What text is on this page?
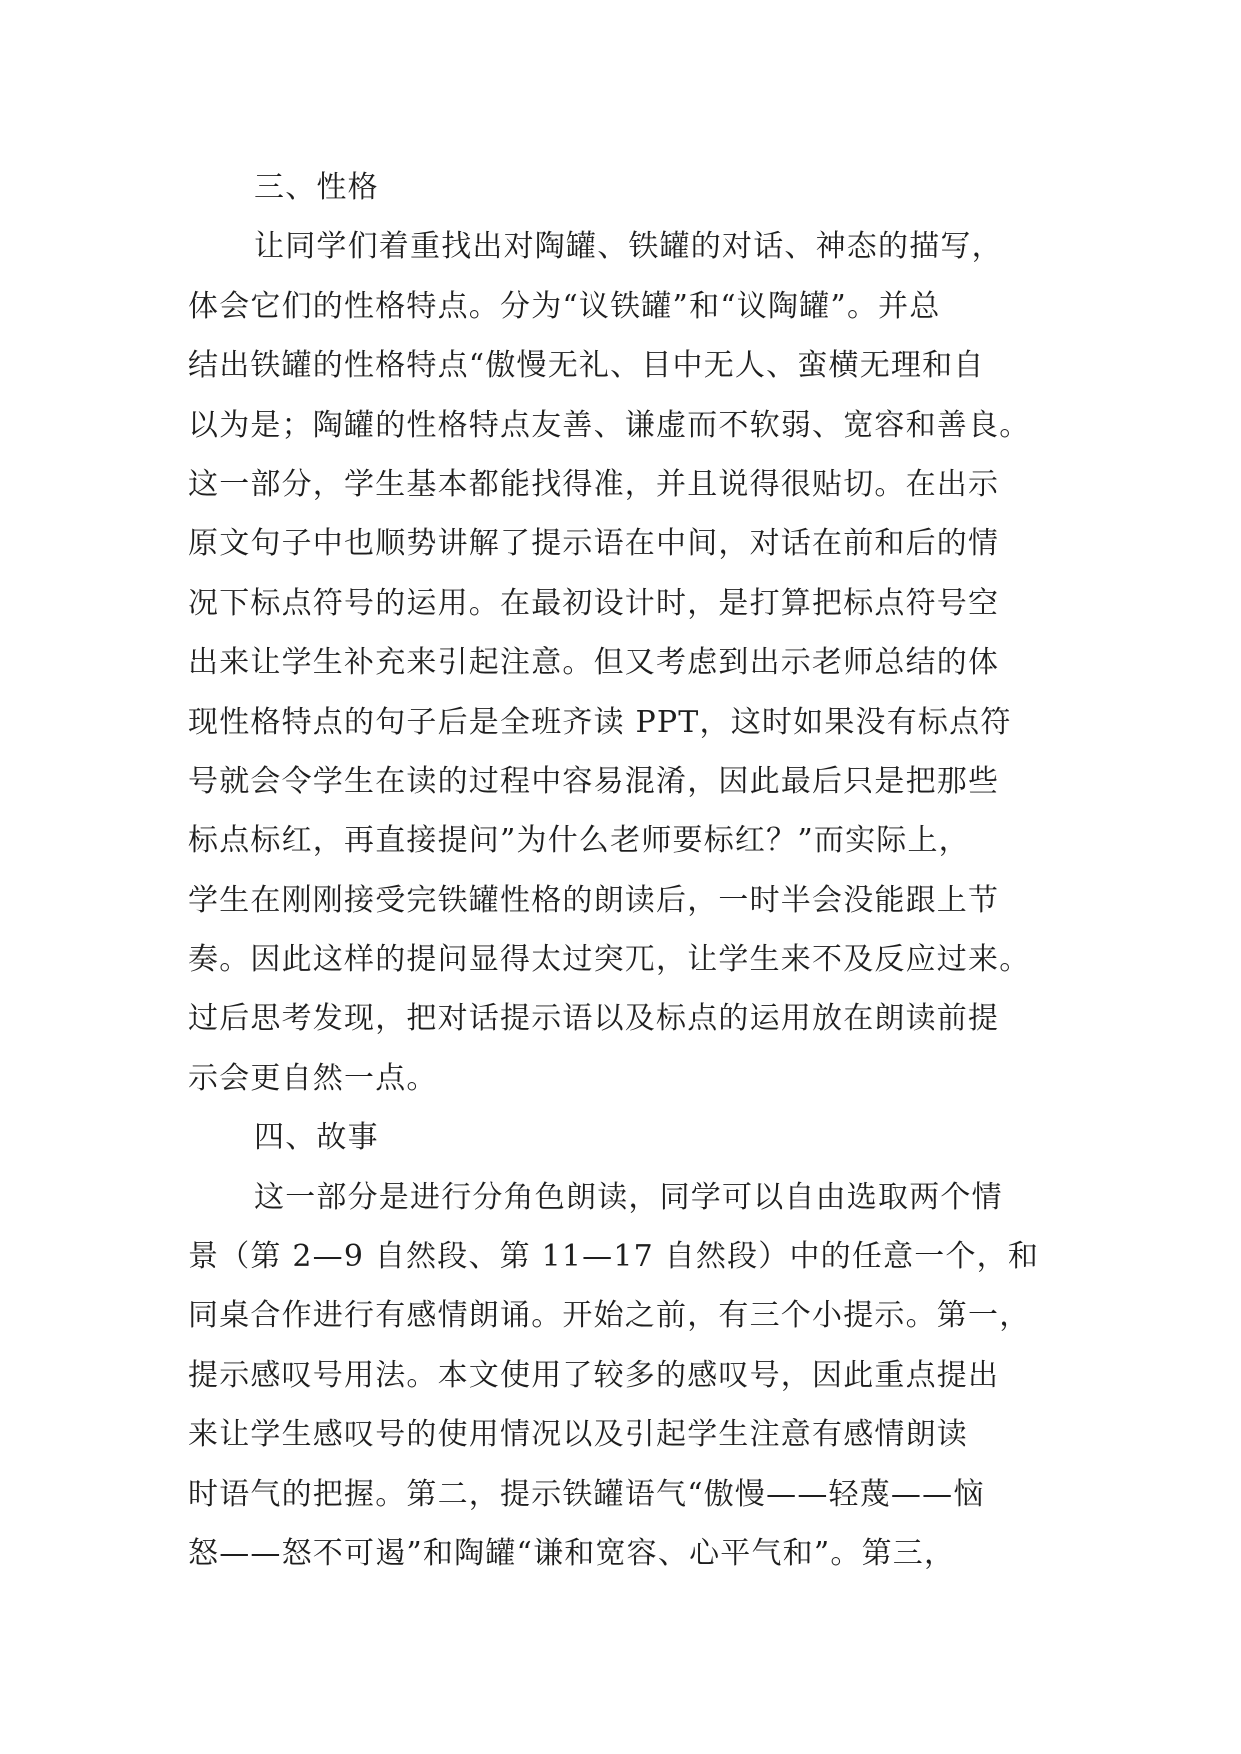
三、性格
让同学们着重找出对陶罐、铁罐的对话、神态的描写，
体会它们的性格特点。分为“议铁罐”和“议陶罐”。并总
结出铁罐的性格特点“傲慢无礼、目中无人、蛮横无理和自
以为是；陶罐的性格特点友善、谦虚而不软弱、宽容和善良。
这一部分，学生基本都能找得准，并且说得很贴切。在出示
原文句子中也顺势讲解了提示语在中间，对话在前和后的情
况下标点符号的运用。在最初设计时，是打算把标点符号空
出来让学生补充来引起注意。但又考虑到出示老师总结的体
现性格特点的句子后是全班齐读 PPT，这时如果没有标点符
号就会令学生在读的过程中容易混淆，因此最后只是把那些
标点标红，再直接提问”为什么老师要标红？”而实际上，
学生在刚刚接受完铁罐性格的朗读后，一时半会没能跟上节
奏。因此这样的提问显得太过突兀，让学生来不及反应过来。
过后思考发现，把对话提示语以及标点的运用放在朗读前提
示会更自然一点。
四、故事
这一部分是进行分角色朗读，同学可以自由选取两个情
景（第 2—9 自然段、第 11—17 自然段）中的任意一个，和
同桌合作进行有感情朗诵。开始之前，有三个小提示。第一，
提示感叹号用法。本文使用了较多的感叹号，因此重点提出
来让学生感叹号的使用情况以及引起学生注意有感情朗读
时语气的把握。第二，提示铁罐语气“傲慢——轻蔑——恼
怒——怒不可遏”和陶罐“谦和宽容、心平气和”。第三，
